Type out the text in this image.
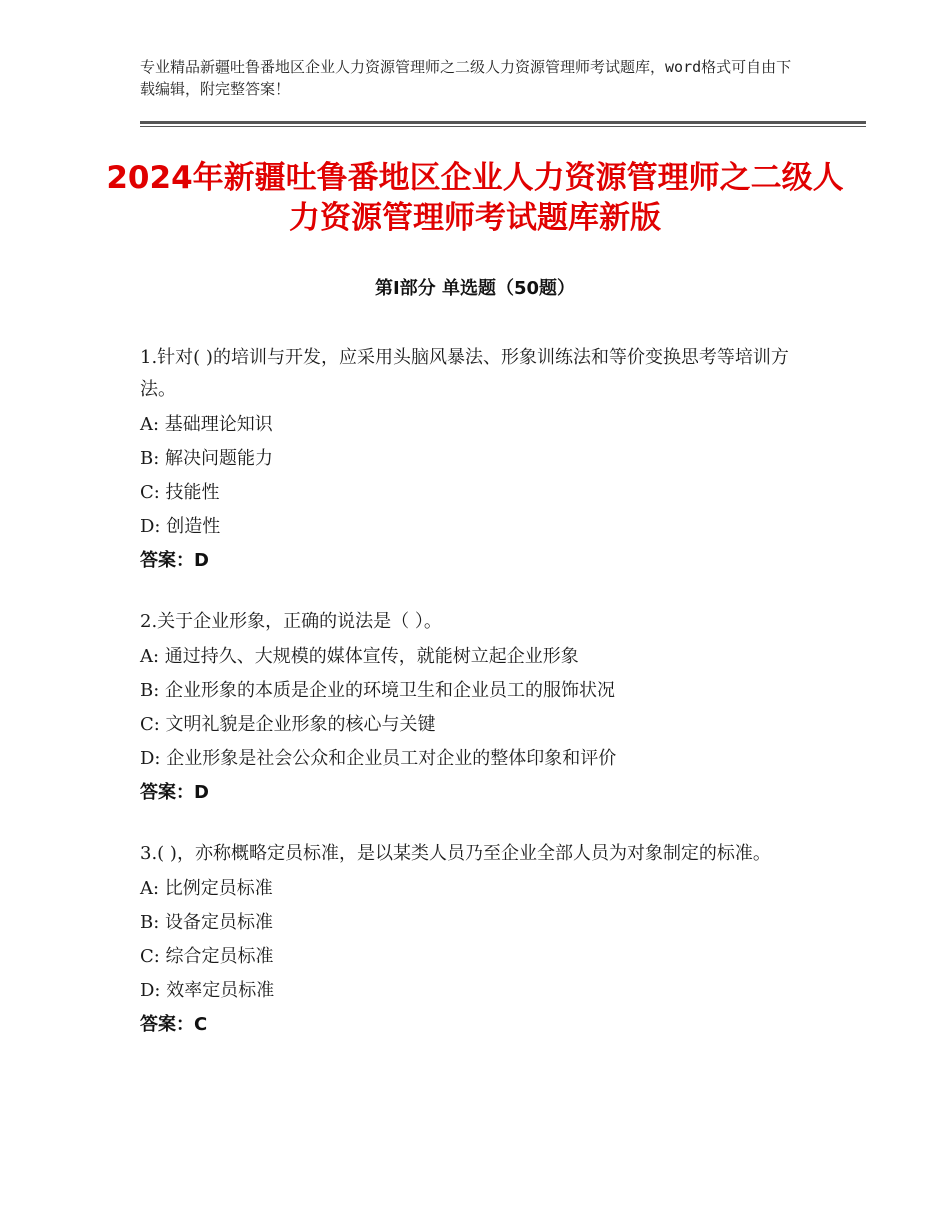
专业精品新疆吐鲁番地区企业人力资源管理师之二级人力资源管理师考试题库，word格式可自由下载编辑，附完整答案！
2024年新疆吐鲁番地区企业人力资源管理师之二级人力资源管理师考试题库新版
第Ⅰ部分 单选题（50题）
1.针对( )的培训与开发，应采用头脑风暴法、形象训练法和等价变换思考等培训方法。
A: 基础理论知识
B: 解决问题能力
C: 技能性
D: 创造性
答案：D
2.关于企业形象，正确的说法是（ ）。
A: 通过持久、大规模的媒体宣传，就能树立起企业形象
B: 企业形象的本质是企业的环境卫生和企业员工的服饰状况
C: 文明礼貌是企业形象的核心与关键
D: 企业形象是社会公众和企业员工对企业的整体印象和评价
答案：D
3.( )，亦称概略定员标准，是以某类人员乃至企业全部人员为对象制定的标准。
A: 比例定员标准
B: 设备定员标准
C: 综合定员标准
D: 效率定员标准
答案：C
